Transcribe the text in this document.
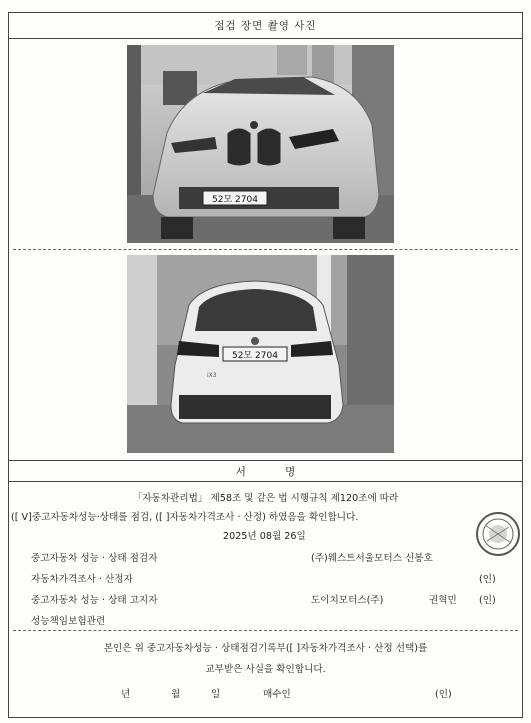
점검 장면 촬영 사진
52모 2704
52모 2704
iX3
서 명
「자동차관리법」 제58조 및 같은 법 시행규칙 제120조에 따라
([ V]중고자동차성능·상태를 점검, ([ ]자동차가격조사 · 산정) 하였음을 확인합니다.
2025년 08월 26일
중고자동차 성능 · 상태 점검자	(주)웨스트서울모터스 신봉호
자동차가격조사 · 산정자	(인)
중고자동차 성능 · 상태 고지자	도이치모터스(주)	권혁민 (인)
성능책임보험관련
본인은 위 중고자동차성능 · 상태점검기록부([ ]자동차가격조사 · 산정 선택)를
교부받은 사실을 확인합니다.
년	월	일	매수인	(인)
